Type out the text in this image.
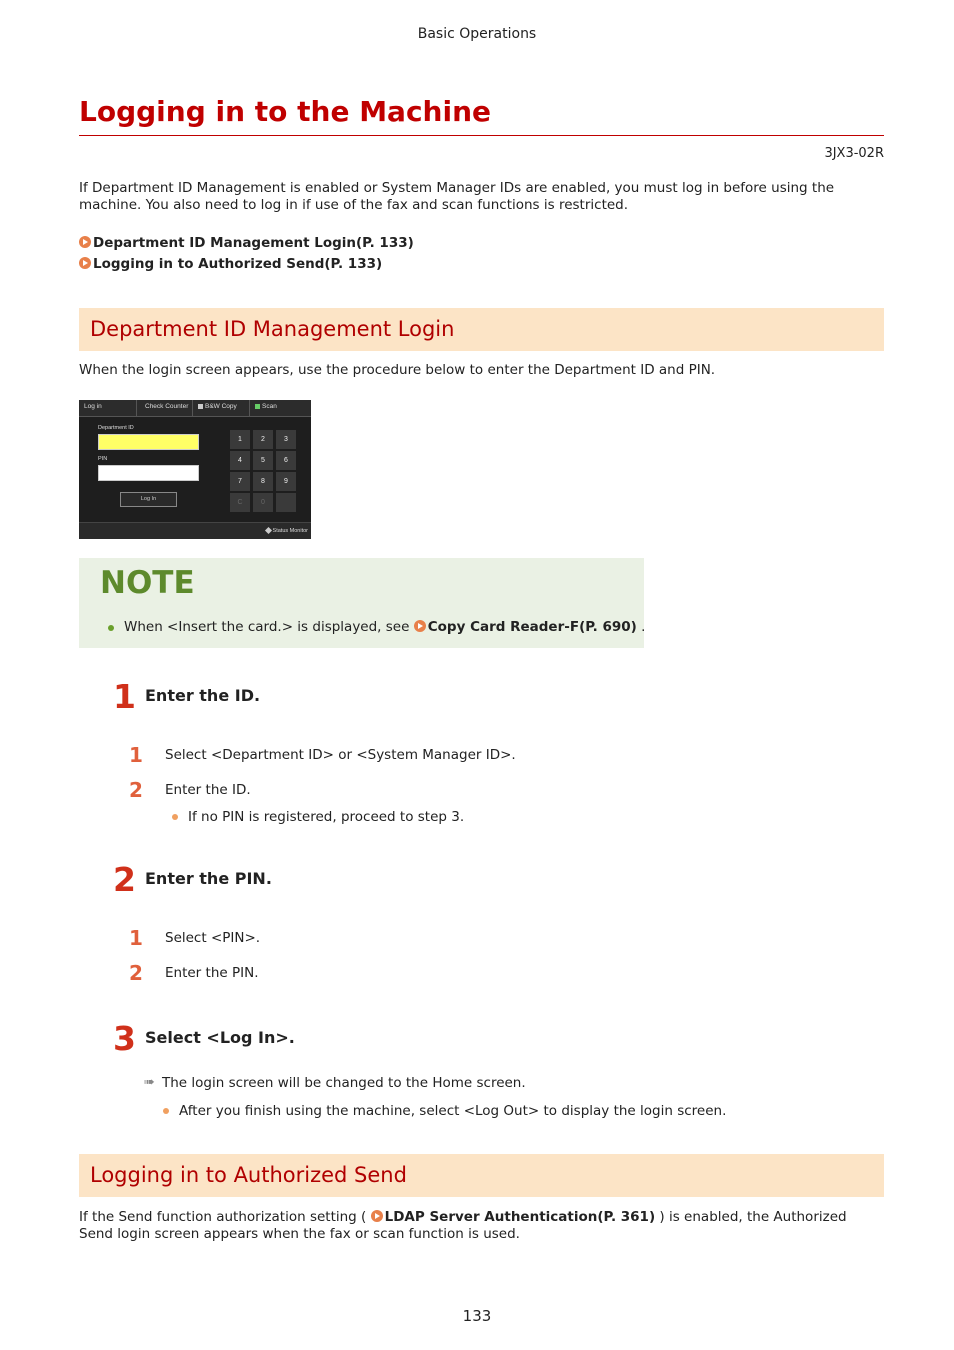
Basic Operations
Logging in to the Machine
3JX3-02R
If Department ID Management is enabled or System Manager IDs are enabled, you must log in before using the machine. You also need to log in if use of the fax and scan functions is restricted.
Department ID Management Login(P. 133)
Logging in to Authorized Send(P. 133)
Department ID Management Login
When the login screen appears, use the procedure below to enter the Department ID and PIN.
Log in	Check Counter	B&W Copy	Scan
Department ID
PIN
Log In
1	2	3
4	5	6
7	8	9
C	0
Status Monitor
NOTE
When <Insert the card.> is displayed, see Copy Card Reader-F(P. 690) .
1 Enter the ID.
1 Select <Department ID> or <System Manager ID>.
2 Enter the ID.
If no PIN is registered, proceed to step 3.
2 Enter the PIN.
1 Select <PIN>.
2 Enter the PIN.
3 Select <Log In>.
➠ The login screen will be changed to the Home screen.
After you finish using the machine, select <Log Out> to display the login screen.
Logging in to Authorized Send
If the Send function authorization setting ( LDAP Server Authentication(P. 361) ) is enabled, the Authorized Send login screen appears when the fax or scan function is used.
133
